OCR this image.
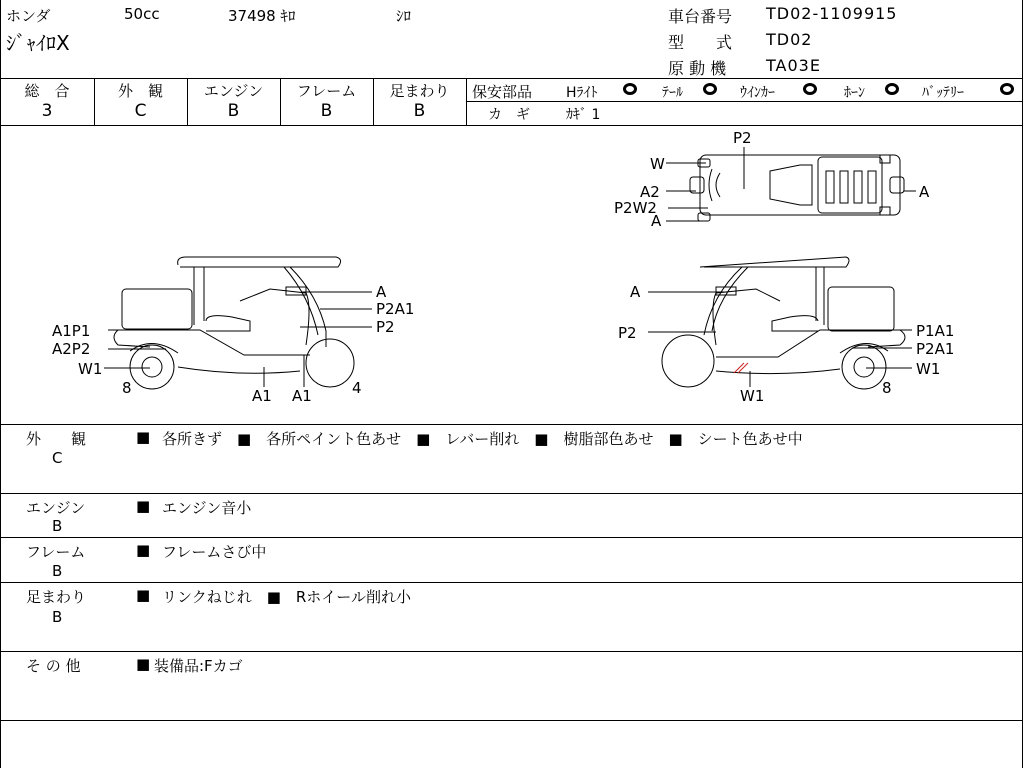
ホンダ	50cc	37498 ｷﾛ	ｼﾛ
ｼﾞｬｲﾛX
車台番号 TD02-1109915
型　　式 TD02
原 動 機 TA03E
総　合
3
外　観
C
エンジン
B
フレーム
B
足まわり
B
保安部品 Hﾗｲﾄ	ﾃｰﾙ	ｳｲﾝｶｰ	ﾎｰﾝ	ﾊﾞｯﾃﾘｰ
カ　ギ	ｶｷﾞ 1
P2
W
A2
P2W2
A
A
A
P2A1
P2
A1P1
A2P2
W1
8	A1 A1	4
A
P2	P1A1
P2A1
W1
W1	8
外　　観
C
■
各所きず　■　各所ペイント色あせ　■　レバー削れ　■　樹脂部色あせ　■　シート色あせ中
エンジン
B
■
エンジン音小
フレーム
B
■
フレームさび中
足まわり
B
■
リンクねじれ　■　Rホイール削れ小
そ の 他
■	装備品:Fカゴ
